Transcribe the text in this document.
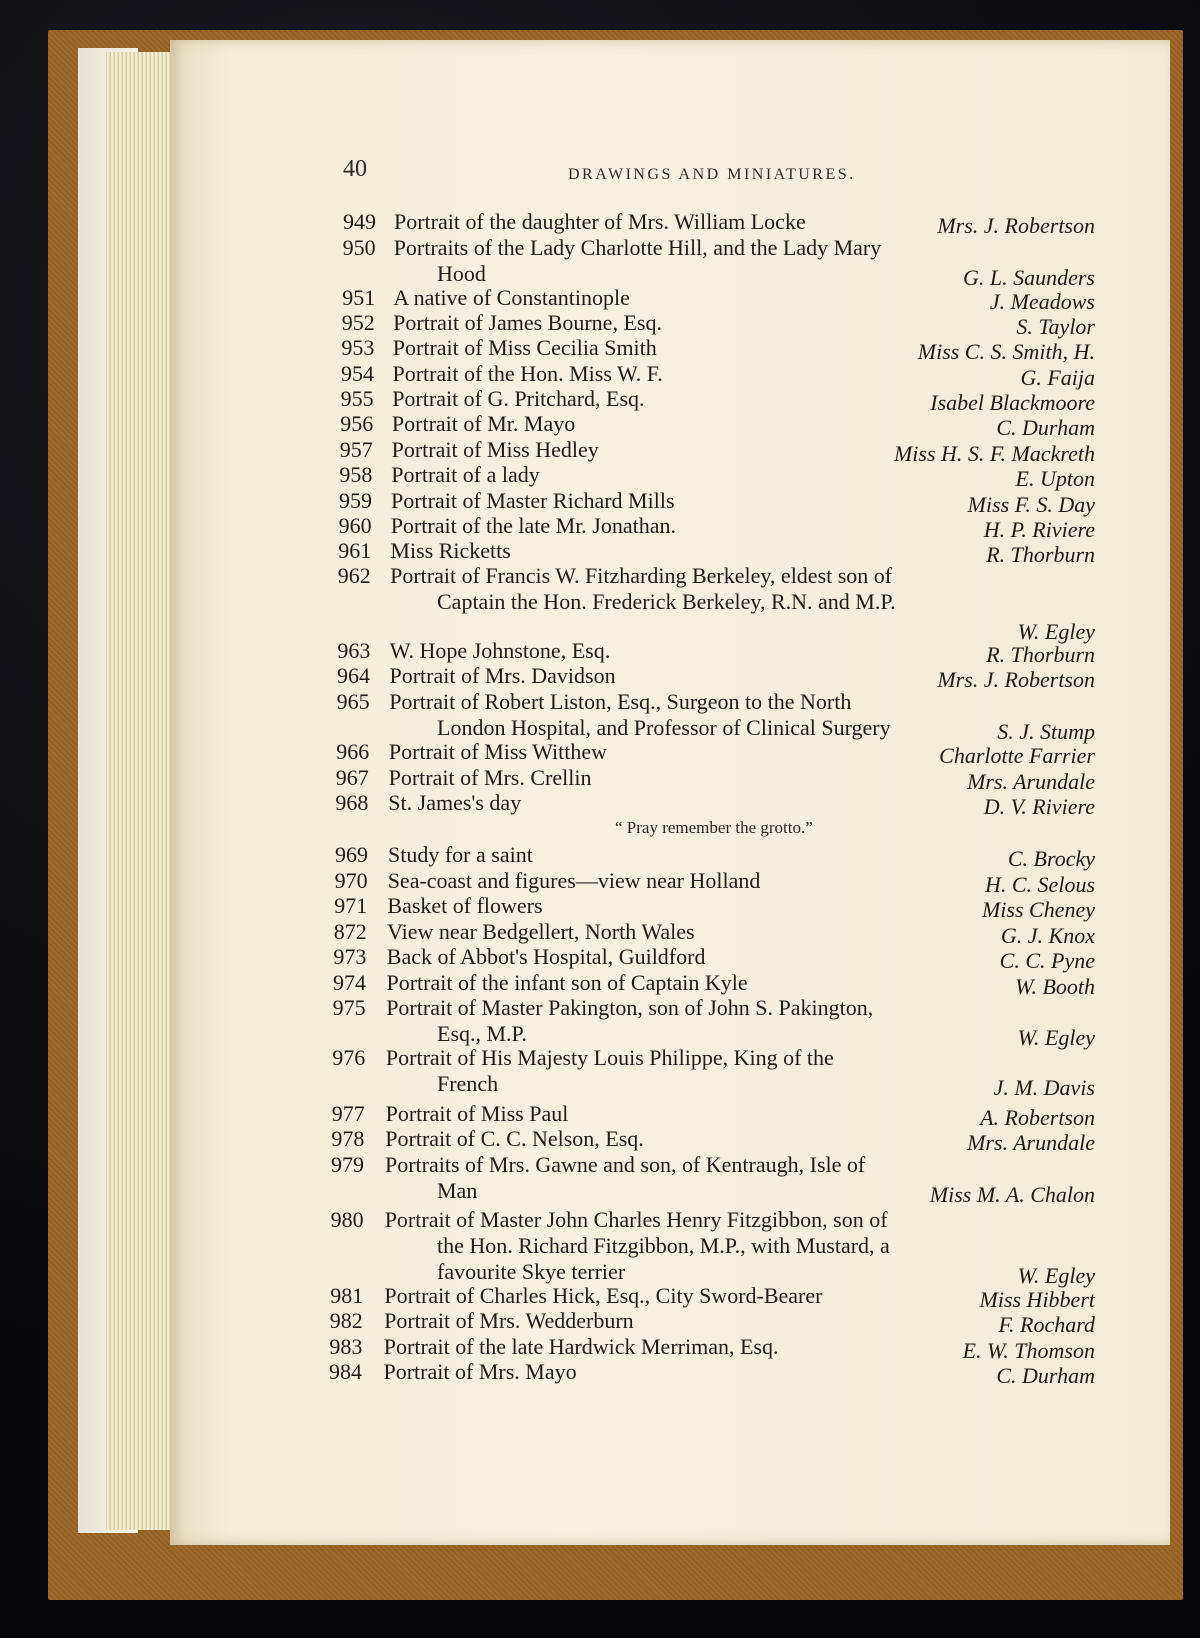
40	DRAWINGS AND MINIATURES.
949 Portrait of the daughter of Mrs. William Locke	Mrs. J. Robertson
950 Portraits of the Lady Charlotte Hill, and the Lady Mary
Hood	G. L. Saunders
951 A native of Constantinople	J. Meadows
952 Portrait of James Bourne, Esq.	S. Taylor
953 Portrait of Miss Cecilia Smith	Miss C. S. Smith, H.
954 Portrait of the Hon. Miss W. F.	G. Faija
955 Portrait of G. Pritchard, Esq.	Isabel Blackmoore
956 Portrait of Mr. Mayo	C. Durham
957 Portrait of Miss Hedley	Miss H. S. F. Mackreth
958 Portrait of a lady	E. Upton
959 Portrait of Master Richard Mills	Miss F. S. Day
960 Portrait of the late Mr. Jonathan.	H. P. Riviere
961 Miss Ricketts	R. Thorburn
962 Portrait of Francis W. Fitzharding Berkeley, eldest son of
Captain the Hon. Frederick Berkeley, R.N. and M.P.
W. Egley
963 W. Hope Johnstone, Esq.	R. Thorburn
964 Portrait of Mrs. Davidson	Mrs. J. Robertson
965 Portrait of Robert Liston, Esq., Surgeon to the North
London Hospital, and Professor of Clinical Surgery	S. J. Stump
966 Portrait of Miss Witthew	Charlotte Farrier
967 Portrait of Mrs. Crellin	Mrs. Arundale
968 St. James's day	D. V. Riviere
“ Pray remember the grotto.”
969 Study for a saint	C. Brocky
970 Sea-coast and figures—view near Holland	H. C. Selous
971 Basket of flowers	Miss Cheney
872 View near Bedgellert, North Wales	G. J. Knox
973 Back of Abbot's Hospital, Guildford	C. C. Pyne
974 Portrait of the infant son of Captain Kyle	W. Booth
975 Portrait of Master Pakington, son of John S. Pakington,
Esq., M.P.	W. Egley
976 Portrait of His Majesty Louis Philippe, King of the
French	J. M. Davis
977 Portrait of Miss Paul	A. Robertson
978 Portrait of C. C. Nelson, Esq.	Mrs. Arundale
979 Portraits of Mrs. Gawne and son, of Kentraugh, Isle of
Man	Miss M. A. Chalon
980 Portrait of Master John Charles Henry Fitzgibbon, son of
the Hon. Richard Fitzgibbon, M.P., with Mustard, a
favourite Skye terrier	W. Egley
981 Portrait of Charles Hick, Esq., City Sword-Bearer	Miss Hibbert
982 Portrait of Mrs. Wedderburn	F. Rochard
983 Portrait of the late Hardwick Merriman, Esq.	E. W. Thomson
984 Portrait of Mrs. Mayo	C. Durham
